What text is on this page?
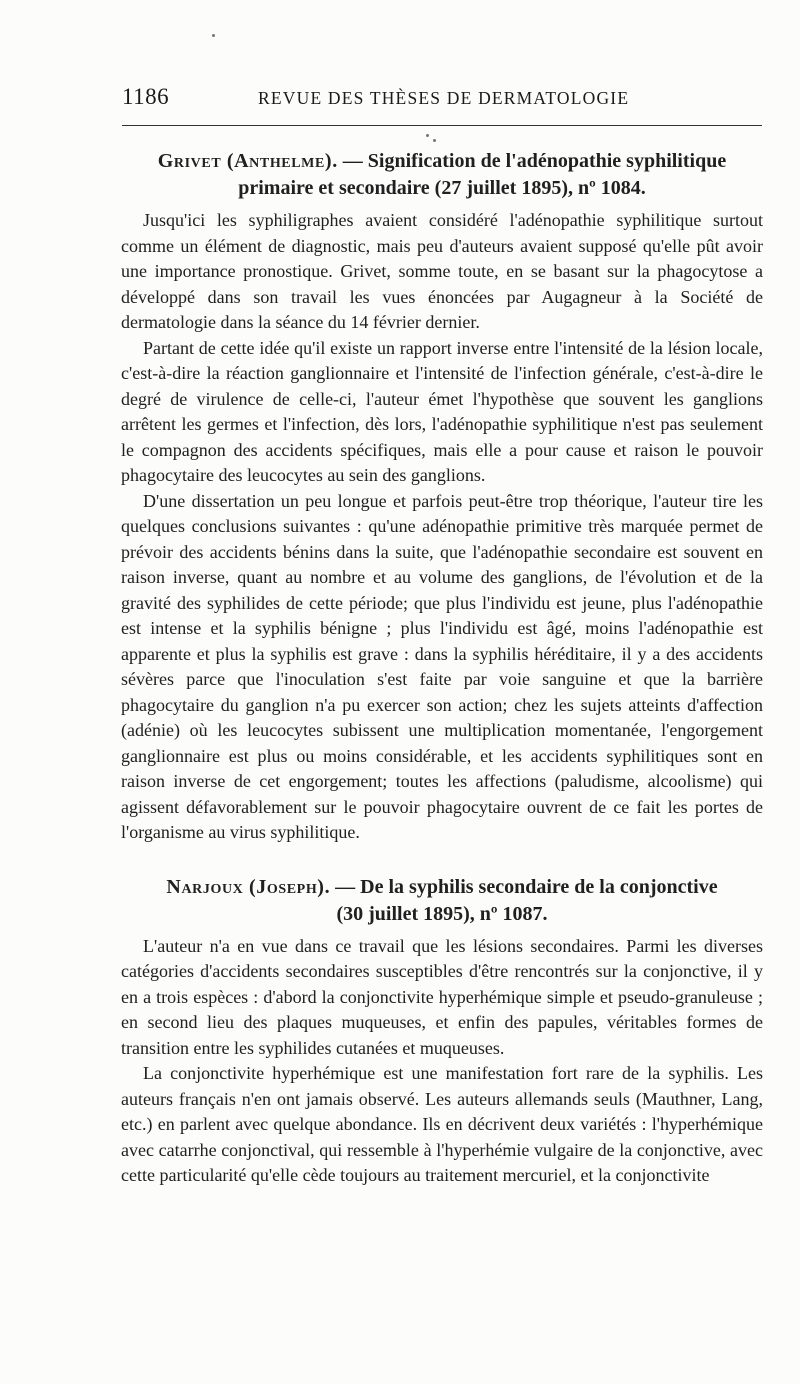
1186	REVUE DES THÈSES DE DERMATOLOGIE
Grivet (Anthelme). — Signification de l'adénopathie syphilitique
primaire et secondaire (27 juillet 1895), nº 1084.

Jusqu'ici les syphiligraphes avaient considéré l'adénopathie syphilitique surtout comme un élément de diagnostic, mais peu d'auteurs avaient supposé qu'elle pût avoir une importance pronostique. Grivet, somme toute, en se basant sur la phagocytose a développé dans son travail les vues énoncées par Augagneur à la Société de dermatologie dans la séance du 14 février dernier.

Partant de cette idée qu'il existe un rapport inverse entre l'intensité de la lésion locale, c'est-à-dire la réaction ganglionnaire et l'intensité de l'infection générale, c'est-à-dire le degré de virulence de celle-ci, l'auteur émet l'hypothèse que souvent les ganglions arrêtent les germes et l'infection, dès lors, l'adénopathie syphilitique n'est pas seulement le compagnon des accidents spécifiques, mais elle a pour cause et raison le pouvoir phagocytaire des leucocytes au sein des ganglions.

D'une dissertation un peu longue et parfois peut-être trop théorique, l'auteur tire les quelques conclusions suivantes : qu'une adénopathie primitive très marquée permet de prévoir des accidents bénins dans la suite, que l'adénopathie secondaire est souvent en raison inverse, quant au nombre et au volume des ganglions, de l'évolution et de la gravité des syphilides de cette période; que plus l'individu est jeune, plus l'adénopathie est intense et la syphilis bénigne ; plus l'individu est âgé, moins l'adénopathie est apparente et plus la syphilis est grave : dans la syphilis héréditaire, il y a des accidents sévères parce que l'inoculation s'est faite par voie sanguine et que la barrière phagocytaire du ganglion n'a pu exercer son action; chez les sujets atteints d'affection (adénie) où les leucocytes subissent une multiplication momentanée, l'engorgement ganglionnaire est plus ou moins considérable, et les accidents syphilitiques sont en raison inverse de cet engorgement; toutes les affections (paludisme, alcoolisme) qui agissent défavorablement sur le pouvoir phagocytaire ouvrent de ce fait les portes de l'organisme au virus syphilitique.

Narjoux (Joseph). — De la syphilis secondaire de la conjonctive
(30 juillet 1895), nº 1087.

L'auteur n'a en vue dans ce travail que les lésions secondaires. Parmi les diverses catégories d'accidents secondaires susceptibles d'être rencontrés sur la conjonctive, il y en a trois espèces : d'abord la conjonctivite hyperhémique simple et pseudo-granuleuse ; en second lieu des plaques muqueuses, et enfin des papules, véritables formes de transition entre les syphilides cutanées et muqueuses.

La conjonctivite hyperhémique est une manifestation fort rare de la syphilis. Les auteurs français n'en ont jamais observé. Les auteurs allemands seuls (Mauthner, Lang, etc.) en parlent avec quelque abondance. Ils en décrivent deux variétés : l'hyperhémique avec catarrhe conjonctival, qui ressemble à l'hyperhémie vulgaire de la conjonctive, avec cette particularité qu'elle cède toujours au traitement mercuriel, et la conjonctivite
